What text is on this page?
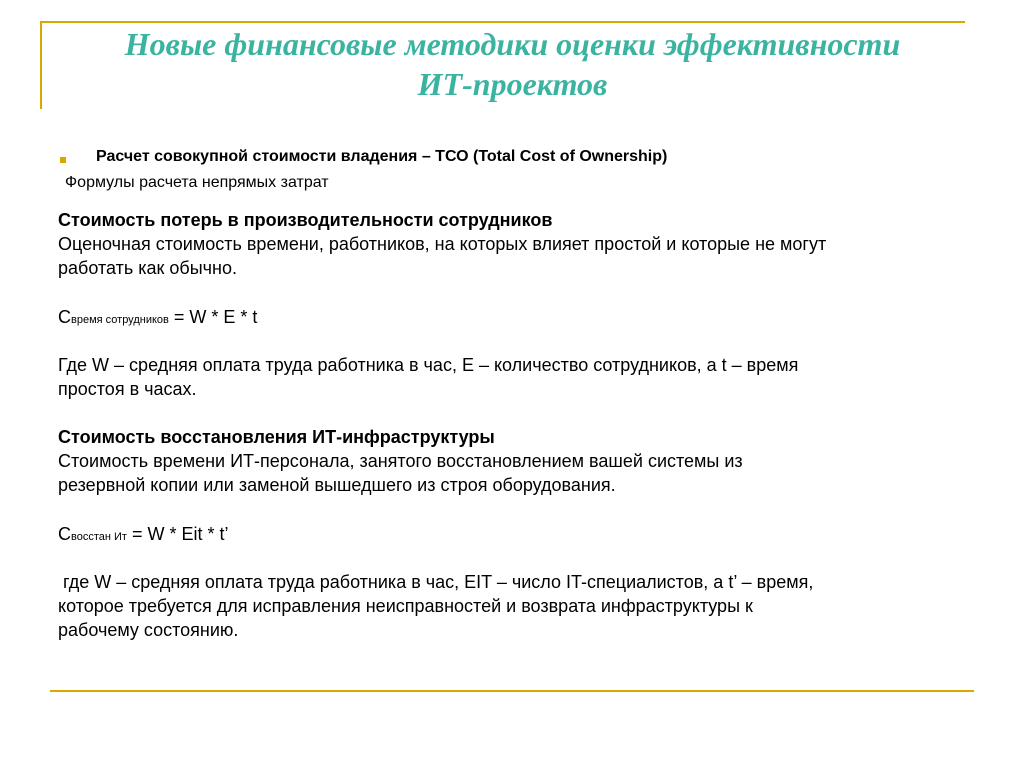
Новые финансовые методики оценки эффективности
ИТ-проектов
Расчет совокупной стоимости владения – ТСО (Total Cost of Ownership)
Формулы расчета непрямых затрат
Стоимость потерь в производительности сотрудников
Оценочная стоимость времени, работников, на которых влияет простой и которые не могут
работать как обычно.
Свремя сотрудников = W * E * t
Где W – средняя оплата труда работника в час, E – количество сотрудников, а t – время
простоя в часах.
Стоимость восстановления ИТ-инфраструктуры
Стоимость времени ИТ-персонала, занятого восстановлением вашей системы из
резервной копии или заменой вышедшего из строя оборудования.
Свосстан Ит = W * Eit * t’
где W – средняя оплата труда работника в час, EIT – число IT-специалистов, а t’ – время,
которое требуется для исправления неисправностей и возврата инфраструктуры к
рабочему состоянию.
